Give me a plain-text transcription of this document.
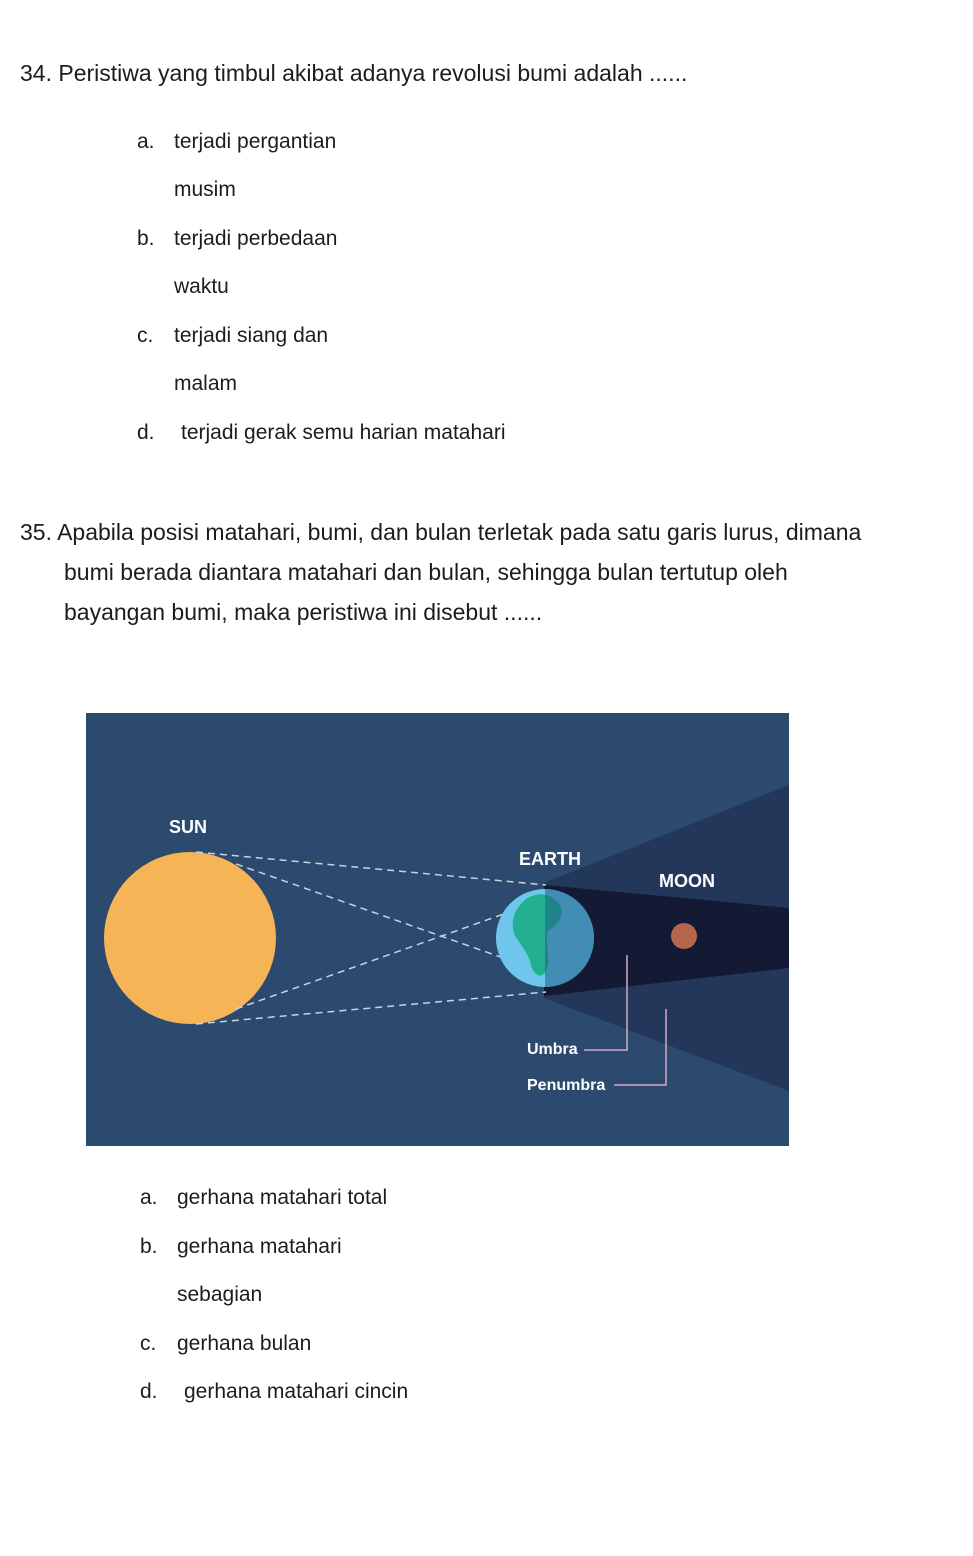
34. Peristiwa yang timbul akibat adanya revolusi bumi adalah ......
a. terjadi pergantian
musim
b. terjadi perbedaan
waktu
c. terjadi siang dan
malam
d. terjadi gerak semu harian matahari
35. Apabila posisi matahari, bumi, dan bulan terletak pada satu garis lurus, dimana
bumi berada diantara matahari dan bulan, sehingga bulan tertutup oleh
bayangan bumi, maka peristiwa ini disebut ......
SUN
EARTH
MOON
Umbra
Penumbra
a. gerhana matahari total
b. gerhana matahari
sebagian
c. gerhana bulan
d. gerhana matahari cincin
